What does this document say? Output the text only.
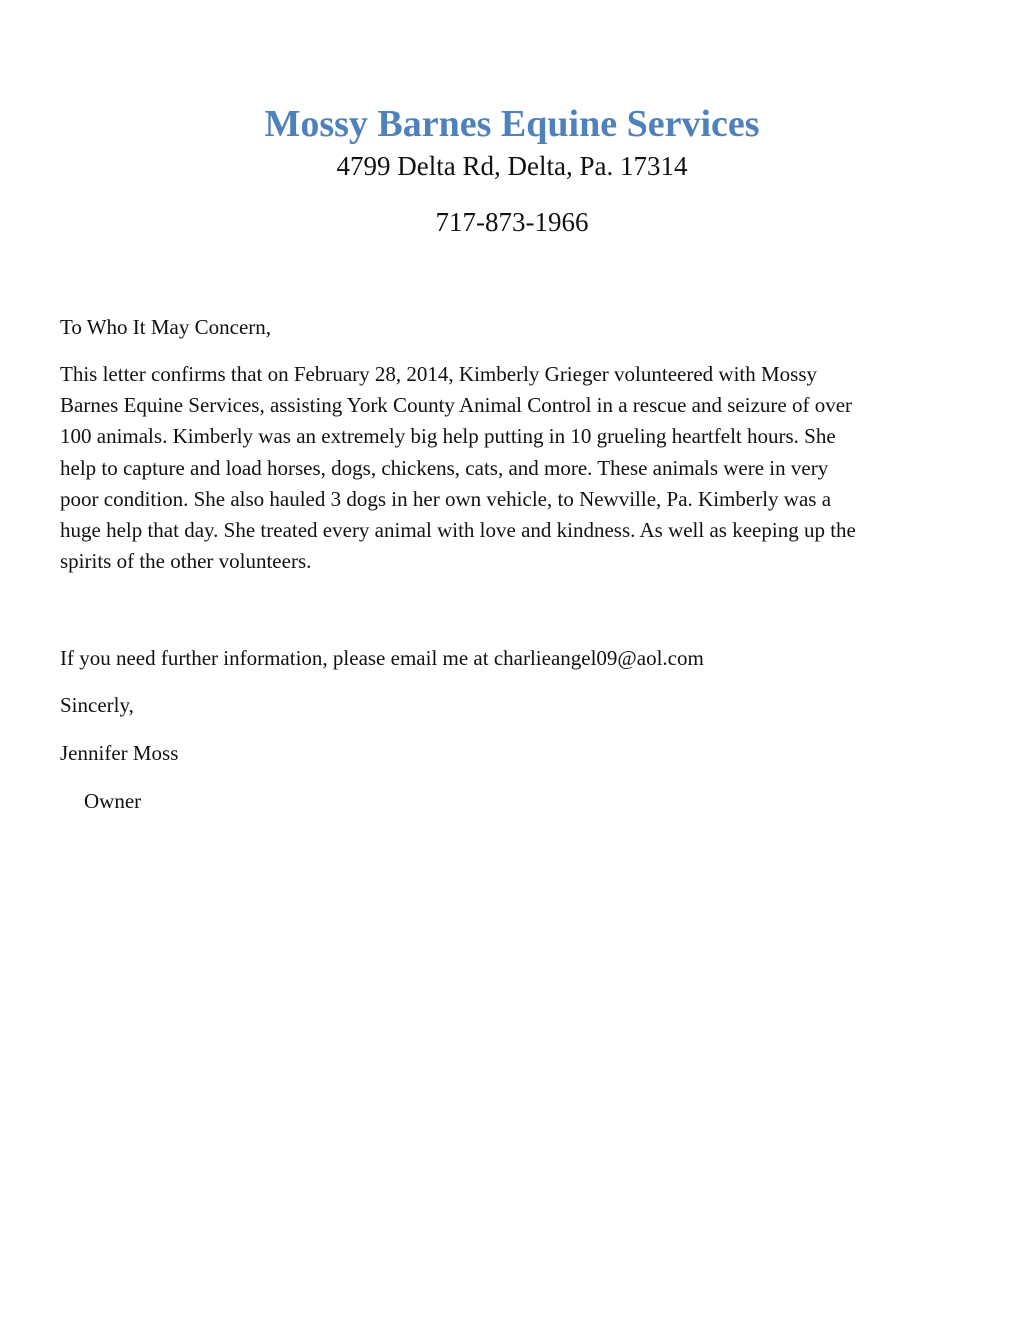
Mossy Barnes Equine Services

4799 Delta Rd, Delta, Pa. 17314

717-873-1966

To Who It May Concern,

This letter confirms that on February 28, 2014, Kimberly Grieger volunteered with Mossy
Barnes Equine Services, assisting York County Animal Control in a rescue and seizure of over
100 animals. Kimberly was an extremely big help putting in 10 grueling heartfelt hours. She
help to capture and load horses, dogs, chickens, cats, and more. These animals were in very
poor condition. She also hauled 3 dogs in her own vehicle, to Newville, Pa. Kimberly was a
huge help that day. She treated every animal with love and kindness. As well as keeping up the
spirits of the other volunteers.

If you need further information, please email me at charlieangel09@aol.com

Sincerly,

Jennifer Moss

Owner
